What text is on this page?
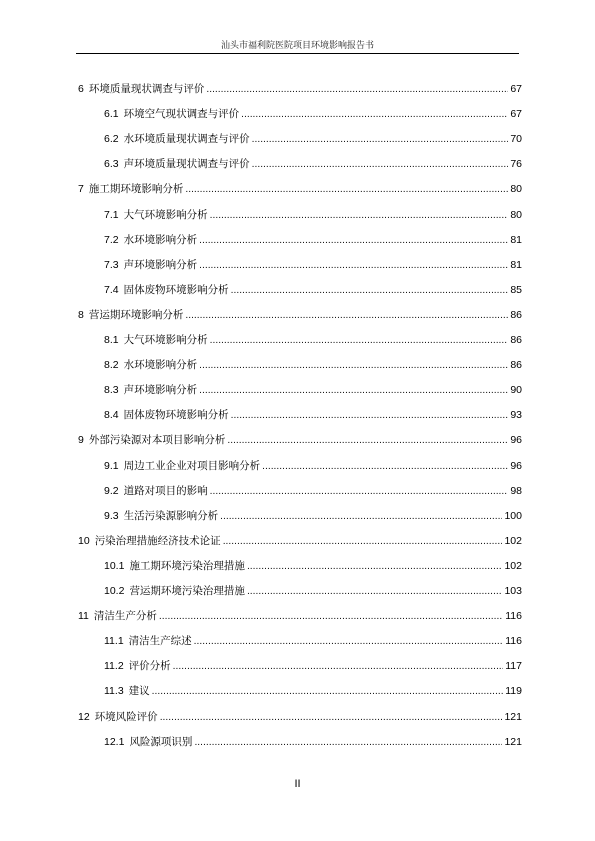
汕头市福利院医院项目环境影响报告书
6 环境质量现状调查与评价 .....	67
6.1 环境空气现状调查与评价 .....	67
6.2 水环境质量现状调查与评价 .....	70
6.3 声环境质量现状调查与评价 .....	76
7 施工期环境影响分析 .....	80
7.1 大气环境影响分析 .....	80
7.2 水环境影响分析 .....	81
7.3 声环境影响分析 .....	81
7.4 固体废物环境影响分析 .....	85
8 营运期环境影响分析 .....	86
8.1 大气环境影响分析 .....	86
8.2 水环境影响分析 .....	86
8.3 声环境影响分析 .....	90
8.4 固体废物环境影响分析 .....	93
9 外部污染源对本项目影响分析 .....	96
9.1 周边工业企业对项目影响分析 .....	96
9.2 道路对项目的影响 .....	98
9.3 生活污染源影响分析 .....	100
10 污染治理措施经济技术论证 .....	102
10.1 施工期环境污染治理措施 .....	102
10.2 营运期环境污染治理措施 .....	103
11 清洁生产分析 .....	116
11.1 清洁生产综述 .....	116
11.2 评价分析 .....	117
11.3 建议 .....	119
12 环境风险评价 .....	121
12.1 风险源项识别 .....	121
II
